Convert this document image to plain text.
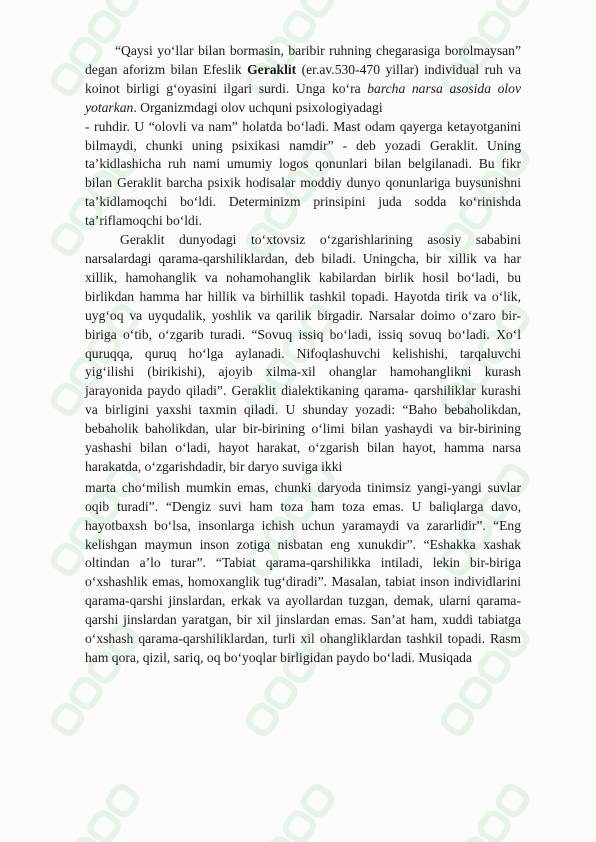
“Qaysi yo‘llar bilan bormasin, baribir ruhning chegarasiga borolmaysan” degan aforizm bilan Efeslik Geraklit (er.av.530-470 yillar) individual ruh va koinot birligi g‘oyasini ilgari surdi. Unga ko‘ra barcha narsa asosida olov yotarkan. Organizmdagi olov uchquni psixologiyadagi

- ruhdir. U “olovli va nam” holatda bo‘ladi. Mast odam qayerga ketayotganini bilmaydi, chunki uning psixikasi namdir” - deb yozadi Geraklit. Uning ta’kidlashicha ruh nami umumiy logos qonunlari bilan belgilanadi. Bu fikr bilan Geraklit barcha psixik hodisalar moddiy dunyo qonunlariga buysunishni ta’kidlamoqchi bo‘ldi. Determinizm prinsipini juda sodda ko‘rinishda ta’riflamoqchi bo‘ldi.

Geraklit dunyodagi to‘xtovsiz o‘zgarishlarining asosiy sababini narsalardagi qarama-qarshiliklardan, deb biladi. Uningcha, bir xillik va har xillik, hamohanglik va nohamohanglik kabilardan birlik hosil bo‘ladi, bu birlikdan hamma har hillik va birhillik tashkil topadi. Hayotda tirik va o‘lik, uyg‘oq va uyqudalik, yoshlik va qarilik birgadir. Narsalar doimo o‘zaro bir-biriga o‘tib, o‘zgarib turadi. “Sovuq issiq bo‘ladi, issiq sovuq bo‘ladi. Xo‘l quruqqa, quruq ho‘lga aylanadi. Nifoqlashuvchi kelishishi, tarqaluvchi yig‘ilishi (birikishi), ajoyib xilma-xil ohanglar hamohanglikni kurash jarayonida paydo qiladi”. Geraklit dialektikaning qarama- qarshiliklar kurashi va birligini yaxshi taxmin qiladi. U shunday yozadi: “Baho bebaholikdan, bebaholik baholikdan, ular bir-birining o‘limi bilan yashaydi va bir-birining yashashi bilan o‘ladi, hayot harakat, o‘zgarish bilan hayot, hamma narsa harakatda, o‘zgarishdadir, bir daryo suviga ikki

marta cho‘milish mumkin emas, chunki daryoda tinimsiz yangi-yangi suvlar oqib turadi”. “Dengiz suvi ham toza ham toza emas. U baliqlarga davo, hayotbaxsh bo‘lsa, insonlarga ichish uchun yaramaydi va zararlidir”. “Eng kelishgan maymun inson zotiga nisbatan eng xunukdir”. “Eshakka xashak oltindan a’lo turar”. “Tabiat qarama-qarshilikka intiladi, lekin bir-biriga o‘xshashlik emas, homoxanglik tug‘diradi”. Masalan, tabiat inson individlarini qarama-qarshi jinslardan, erkak va ayollardan tuzgan, demak, ularni qarama-qarshi jinslardan yaratgan, bir xil jinslardan emas. San’at ham, xuddi tabiatga o‘xshash qarama-qarshiliklardan, turli xil ohangliklardan tashkil topadi. Rasm ham qora, qizil, sariq, oq bo‘yoqlar birligidan paydo bo‘ladi. Musiqada
